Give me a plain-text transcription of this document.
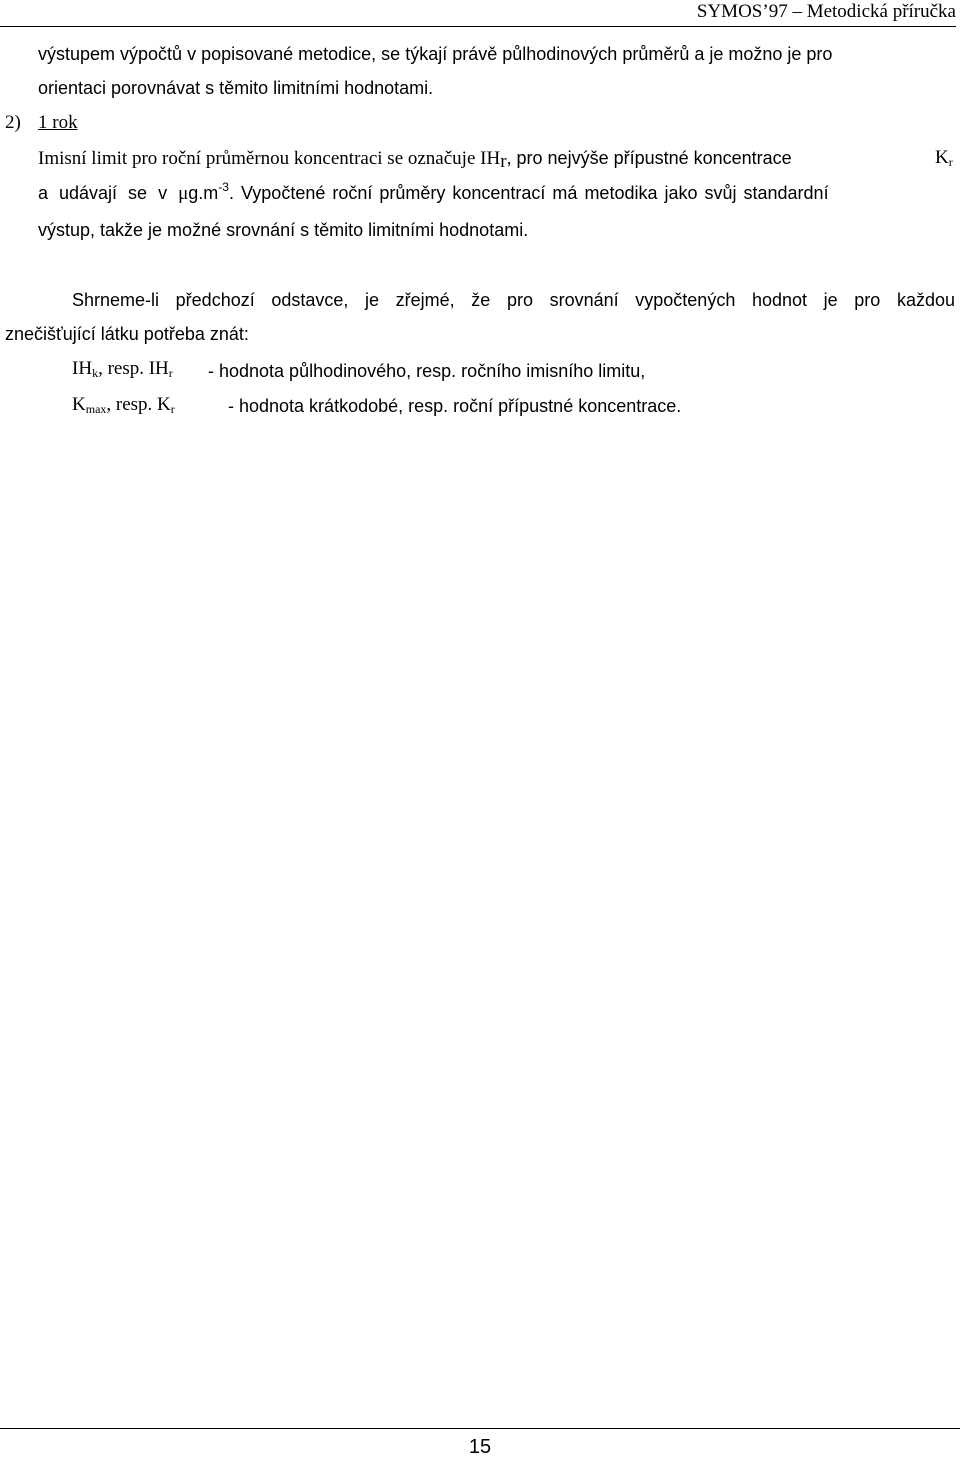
SYMOS’97 – Metodická příručka
výstupem výpočtů v popisované metodice, se týkají právě půlhodinových průměrů a je možno je pro
orientaci porovnávat s těmito limitními hodnotami.
2) 1 rok
Imisní limit pro roční průměrnou koncentraci se označuje $IH_r$, pro nejvýše přípustné koncentrace	$K_r$
a udávají se v $\mu g.m^{-3}$. Vypočtené roční průměry koncentrací má metodika jako svůj standardní
výstup, takže je možné srovnání s těmito limitními hodnotami.
Shrneme-li předchozí odstavce, je zřejmé, že pro srovnání vypočtených hodnot je pro každou
znečišťující látku potřeba znát:
$IH_k$, resp. $IH_r$ - hodnota půlhodinového, resp. ročního imisního limitu,
$K_{max}$, resp. $K_r$	- hodnota krátkodobé, resp. roční přípustné koncentrace.
15
